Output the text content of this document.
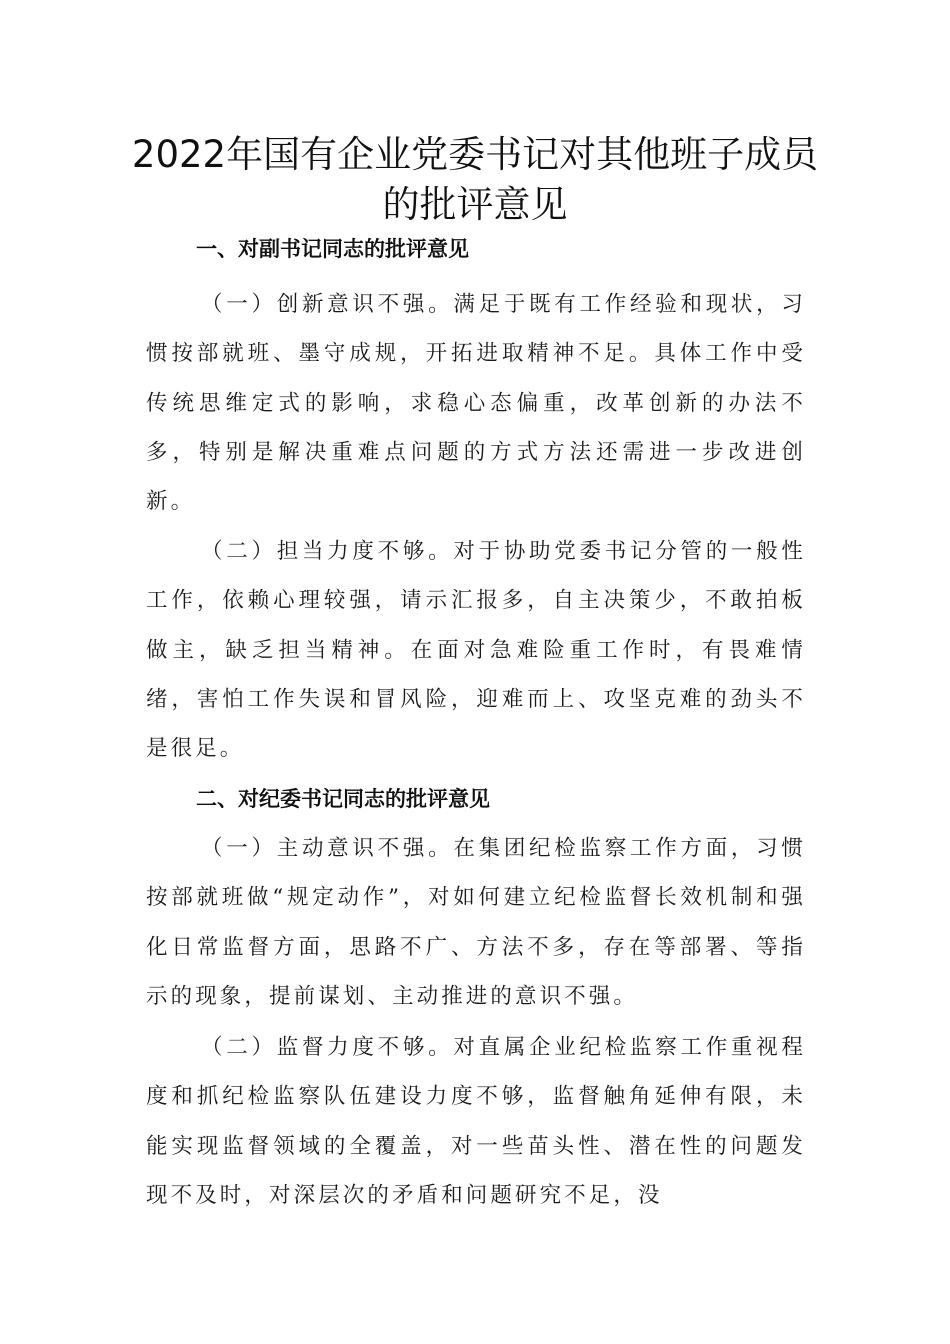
2022年国有企业党委书记对其他班子成员的批评意见
一、对副书记同志的批评意见
（一）创新意识不强。满足于既有工作经验和现状，习惯按部就班、墨守成规，开拓进取精神不足。具体工作中受传统思维定式的影响，求稳心态偏重，改革创新的办法不多，特别是解决重难点问题的方式方法还需进一步改进创新。
（二）担当力度不够。对于协助党委书记分管的一般性工作，依赖心理较强，请示汇报多，自主决策少，不敢拍板做主，缺乏担当精神。在面对急难险重工作时，有畏难情绪，害怕工作失误和冒风险，迎难而上、攻坚克难的劲头不是很足。
二、对纪委书记同志的批评意见
（一）主动意识不强。在集团纪检监察工作方面，习惯按部就班做“规定动作”，对如何建立纪检监督长效机制和强化日常监督方面，思路不广、方法不多，存在等部署、等指示的现象，提前谋划、主动推进的意识不强。
（二）监督力度不够。对直属企业纪检监察工作重视程度和抓纪检监察队伍建设力度不够，监督触角延伸有限，未能实现监督领域的全覆盖，对一些苗头性、潜在性的问题发现不及时，对深层次的矛盾和问题研究不足，没
